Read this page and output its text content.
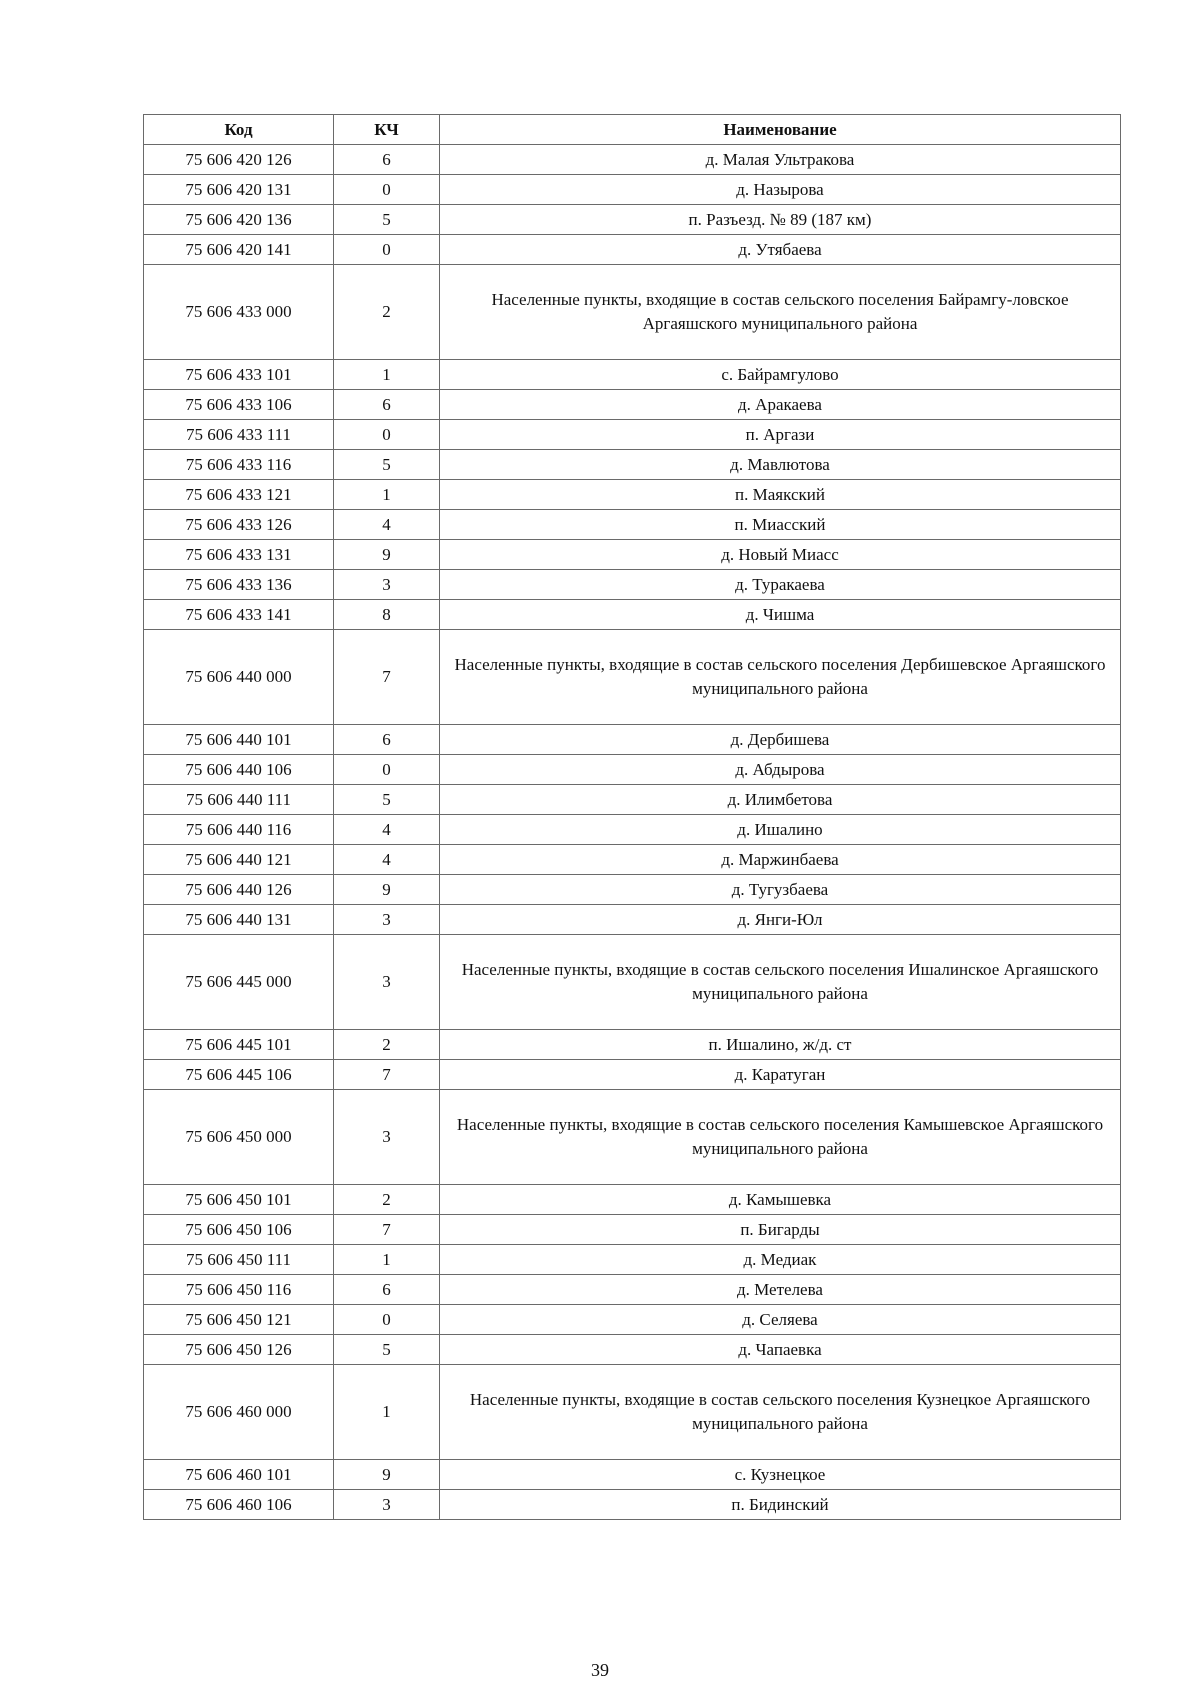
Код	КЧ	Наименование
75 606 420 126	6	д. Малая Ультракова
75 606 420 131	0	д. Назырова
75 606 420 136	5	п. Разъезд. № 89 (187 км)
75 606 420 141	0	д. Утябаева
75 606 433 000	2	Населенные пункты, входящие в состав сельского поселения Байрамгу-ловское Аргаяшского муниципального района
75 606 433 101	1	с. Байрамгулово
75 606 433 106	6	д. Аракаева
75 606 433 111	0	п. Аргази
75 606 433 116	5	д. Мавлютова
75 606 433 121	1	п. Маякский
75 606 433 126	4	п. Миасский
75 606 433 131	9	д. Новый Миасс
75 606 433 136	3	д. Туракаева
75 606 433 141	8	д. Чишма
75 606 440 000	7	Населенные пункты, входящие в состав сельского поселения Дербишевское Аргаяшского муниципального района
75 606 440 101	6	д. Дербишева
75 606 440 106	0	д. Абдырова
75 606 440 111	5	д. Илимбетова
75 606 440 116	4	д. Ишалино
75 606 440 121	4	д. Маржинбаева
75 606 440 126	9	д. Тугузбаева
75 606 440 131	3	д. Янги-Юл
75 606 445 000	3	Населенные пункты, входящие в состав сельского поселения Ишалинское Аргаяшского муниципального района
75 606 445 101	2	п. Ишалино, ж/д. ст
75 606 445 106	7	д. Каратуган
75 606 450 000	3	Населенные пункты, входящие в состав сельского поселения Камышевское Аргаяшского муниципального района
75 606 450 101	2	д. Камышевка
75 606 450 106	7	п. Бигарды
75 606 450 111	1	д. Медиак
75 606 450 116	6	д. Метелева
75 606 450 121	0	д. Селяева
75 606 450 126	5	д. Чапаевка
75 606 460 000	1	Населенные пункты, входящие в состав сельского поселения Кузнецкое Аргаяшского муниципального района
75 606 460 101	9	с. Кузнецкое
75 606 460 106	3	п. Бидинский
39
